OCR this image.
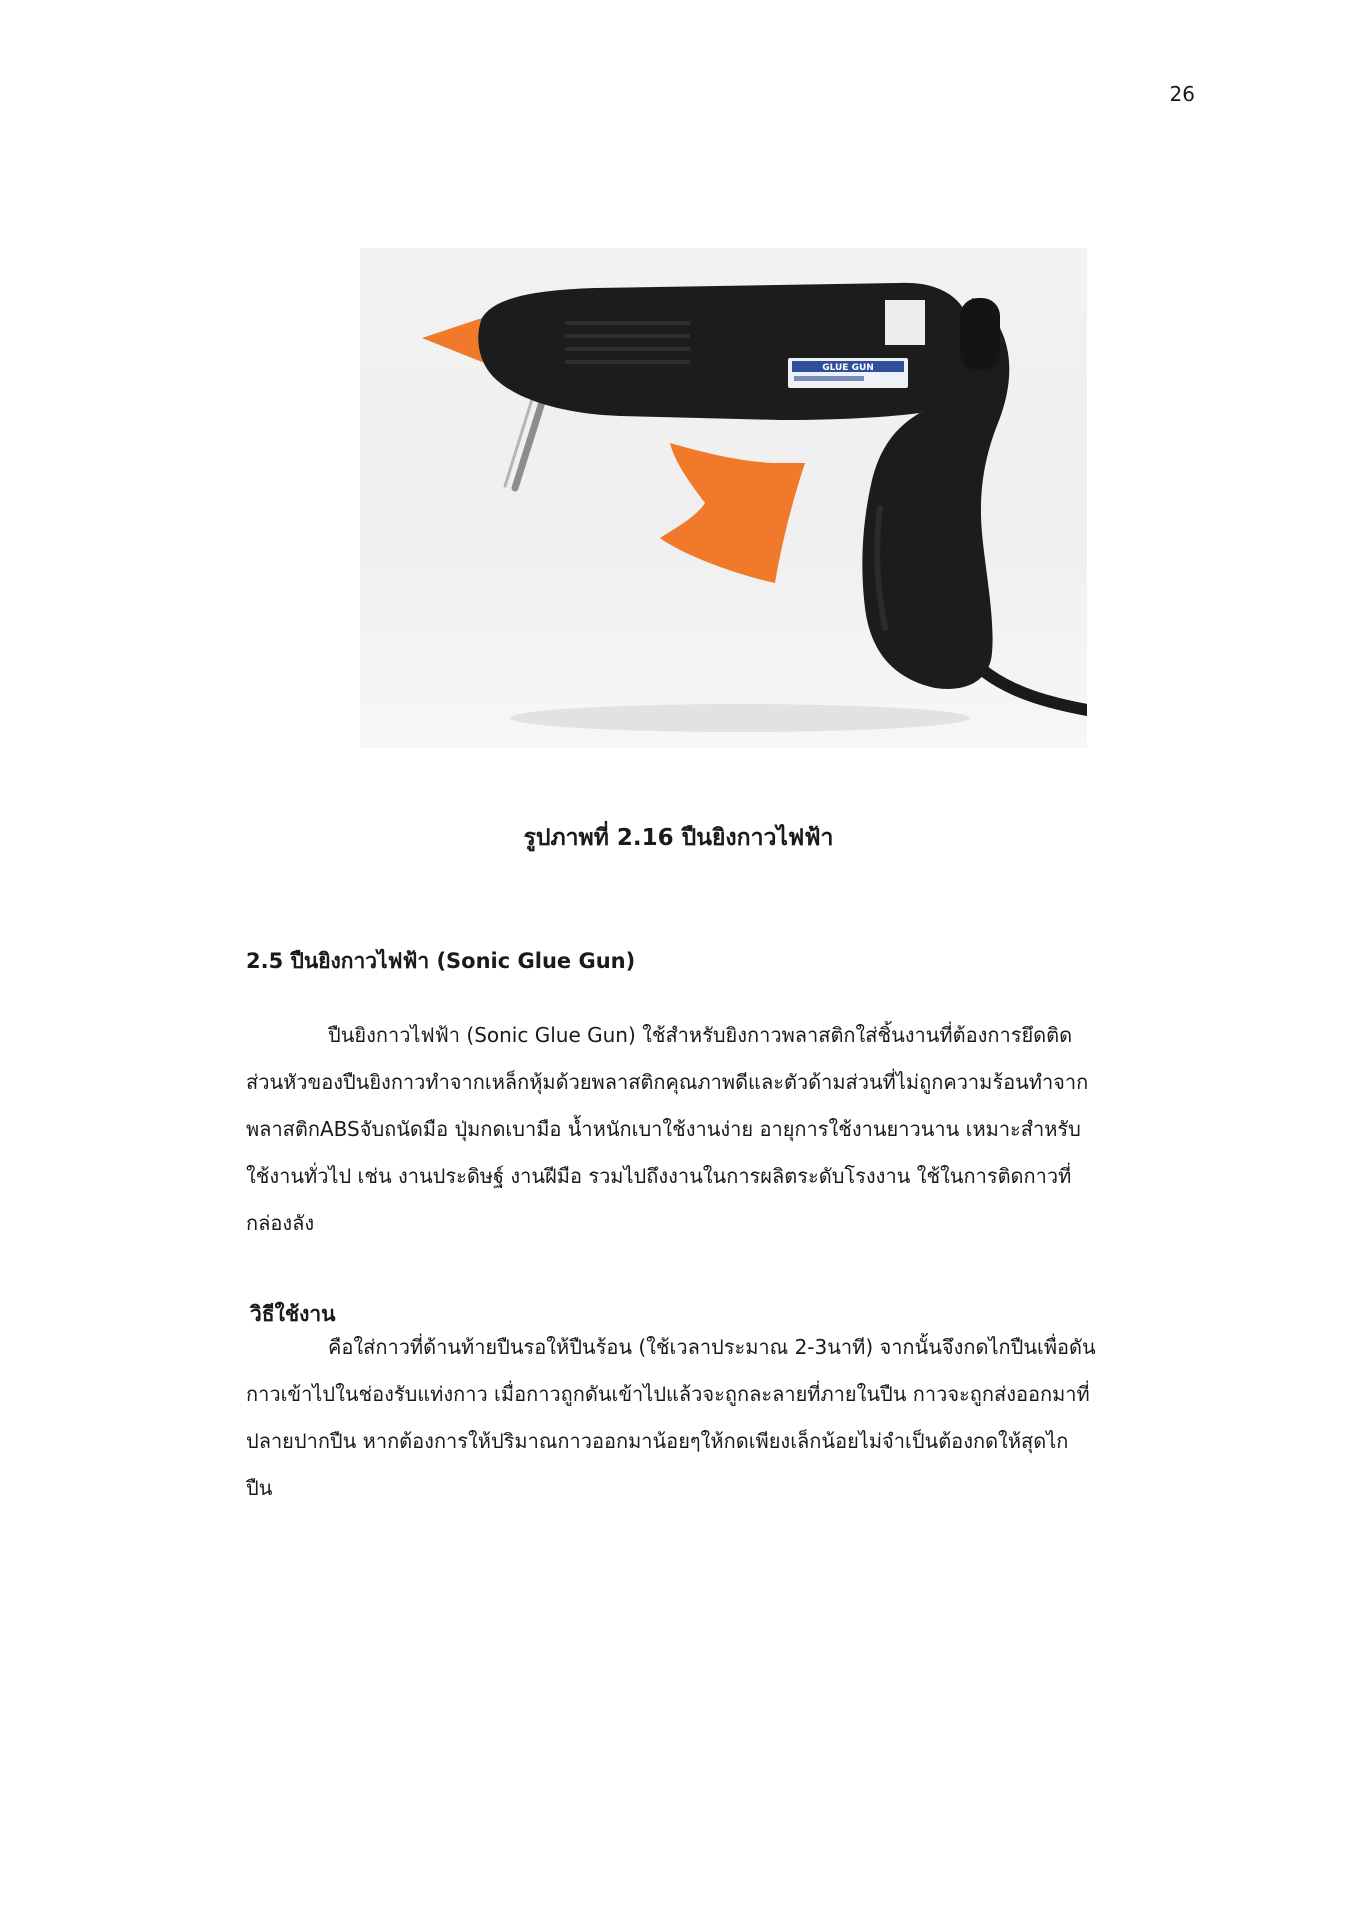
26
GLUE GUN
รูปภาพที่ 2.16 ปืนยิงกาวไฟฟ้า
2.5 ปืนยิงกาวไฟฟ้า (Sonic Glue Gun)

ปืนยิงกาวไฟฟ้า (Sonic Glue Gun) ใช้สำหรับยิงกาวพลาสติกใส่ชิ้นงานที่ต้องการยึดติด
ส่วนหัวของปืนยิงกาวทำจากเหล็กหุ้มด้วยพลาสติกคุณภาพดีและตัวด้ามส่วนที่ไม่ถูกความร้อนทำจาก
พลาสติกABSจับถนัดมือ ปุ่มกดเบามือ น้ำหนักเบาใช้งานง่าย อายุการใช้งานยาวนาน เหมาะสำหรับ
ใช้งานทั่วไป เช่น งานประดิษฐ์ งานฝีมือ รวมไปถึงงานในการผลิตระดับโรงงาน ใช้ในการติดกาวที่
กล่องลัง

วิธีใช้งาน

คือใส่กาวที่ด้านท้ายปืนรอให้ปืนร้อน (ใช้เวลาประมาณ 2-3นาที) จากนั้นจึงกดไกปืนเพื่อดัน
กาวเข้าไปในช่องรับแท่งกาว เมื่อกาวถูกดันเข้าไปแล้วจะถูกละลายที่ภายในปืน กาวจะถูกส่งออกมาที่
ปลายปากปืน หากต้องการให้ปริมาณกาวออกมาน้อยๆให้กดเพียงเล็กน้อยไม่จำเป็นต้องกดให้สุดไก
ปืน
